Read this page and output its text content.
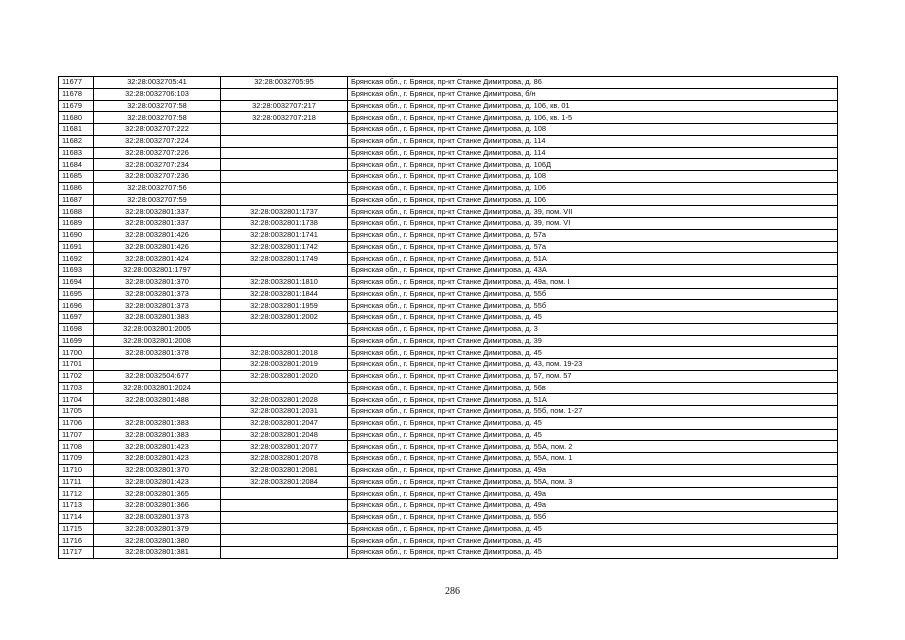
11677	32:28:0032705:41	32:28:0032705:95	Брянская обл., г. Брянск, пр-кт Станке Димитрова, д. 86
11678	32:28:0032706:103		Брянская обл., г. Брянск, пр-кт Станке Димитрова, б/н
11679	32:28:0032707:58	32:28:0032707:217	Брянская обл., г. Брянск, пр-кт Станке Димитрова, д. 106, кв. 01
11680	32:28:0032707:58	32:28:0032707:218	Брянская обл., г. Брянск, пр-кт Станке Димитрова, д. 106, кв. 1-5
11681	32:28:0032707:222		Брянская обл., г. Брянск, пр-кт Станке Димитрова, д. 108
11682	32:28:0032707:224		Брянская обл., г. Брянск, пр-кт Станке Димитрова, д. 114
11683	32:28:0032707:226		Брянская обл., г. Брянск, пр-кт Станке Димитрова, д. 114
11684	32:28:0032707:234		Брянская обл., г. Брянск, пр-кт Станке Димитрова, д. 106Д
11685	32:28:0032707:236		Брянская обл., г. Брянск, пр-кт Станке Димитрова, д. 108
11686	32:28:0032707:56		Брянская обл., г. Брянск, пр-кт Станке Димитрова, д. 106
11687	32:28:0032707:59		Брянская обл., г. Брянск, пр-кт Станке Димитрова, д. 106
11688	32:28:0032801:337	32:28:0032801:1737	Брянская обл., г. Брянск, пр-кт Станке Димитрова, д. 39, пом. VII
11689	32:28:0032801:337	32:28:0032801:1738	Брянская обл., г. Брянск, пр-кт Станке Димитрова, д. 39, пом. VI
11690	32:28:0032801:426	32:28:0032801:1741	Брянская обл., г. Брянск, пр-кт Станке Димитрова, д. 57а
11691	32:28:0032801:426	32:28:0032801:1742	Брянская обл., г. Брянск, пр-кт Станке Димитрова, д. 57а
11692	32:28:0032801:424	32:28:0032801:1749	Брянская обл., г. Брянск, пр-кт Станке Димитрова, д. 51А
11693	32:28:0032801:1797		Брянская обл., г. Брянск, пр-кт Станке Димитрова, д. 43А
11694	32:28:0032801:370	32:28:0032801:1810	Брянская обл., г. Брянск, пр-кт Станке Димитрова, д. 49а, пом. I
11695	32:28:0032801:373	32:28:0032801:1844	Брянская обл., г. Брянск, пр-кт Станке Димитрова, д. 55б
11696	32:28:0032801:373	32:28:0032801:1959	Брянская обл., г. Брянск, пр-кт Станке Димитрова, д. 55б
11697	32:28:0032801:383	32:28:0032801:2002	Брянская обл., г. Брянск, пр-кт Станке Димитрова, д. 45
11698	32:28:0032801:2005		Брянская обл., г. Брянск, пр-кт Станке Димитрова, д. 3
11699	32:28:0032801:2008		Брянская обл., г. Брянск, пр-кт Станке Димитрова, д. 39
11700	32:28:0032801:378	32:28:0032801:2018	Брянская обл., г. Брянск, пр-кт Станке Димитрова, д. 45
11701		32:28:0032801:2019	Брянская обл., г. Брянск, пр-кт Станке Димитрова, д. 43, пом. 19-23
11702	32:28:0032504:677	32:28:0032801:2020	Брянская обл., г. Брянск, пр-кт Станке Димитрова, д. 57, пом. 57
11703	32:28:0032801:2024		Брянская обл., г. Брянск, пр-кт Станке Димитрова, д. 56в
11704	32:28:0032801:488	32:28:0032801:2028	Брянская обл., г. Брянск, пр-кт Станке Димитрова, д. 51А
11705		32:28:0032801:2031	Брянская обл., г. Брянск, пр-кт Станке Димитрова, д. 55б, пом. 1-27
11706	32:28:0032801:383	32:28:0032801:2047	Брянская обл., г. Брянск, пр-кт Станке Димитрова, д. 45
11707	32:28:0032801:383	32:28:0032801:2048	Брянская обл., г. Брянск, пр-кт Станке Димитрова, д. 45
11708	32:28:0032801:423	32:28:0032801:2077	Брянская обл., г. Брянск, пр-кт Станке Димитрова, д. 55А, пом. 2
11709	32:28:0032801:423	32:28:0032801:2078	Брянская обл., г. Брянск, пр-кт Станке Димитрова, д. 55А, пом. 1
11710	32:28:0032801:370	32:28:0032801:2081	Брянская обл., г. Брянск, пр-кт Станке Димитрова, д. 49а
11711	32:28:0032801:423	32:28:0032801:2084	Брянская обл., г. Брянск, пр-кт Станке Димитрова, д. 55А, пом. 3
11712	32:28:0032801:365		Брянская обл., г. Брянск, пр-кт Станке Димитрова, д. 49а
11713	32:28:0032801:366		Брянская обл., г. Брянск, пр-кт Станке Димитрова, д. 49а
11714	32:28:0032801:373		Брянская обл., г. Брянск, пр-кт Станке Димитрова, д. 55б
11715	32:28:0032801:379		Брянская обл., г. Брянск, пр-кт Станке Димитрова, д. 45
11716	32:28:0032801:380		Брянская обл., г. Брянск, пр-кт Станке Димитрова, д. 45
11717	32:28:0032801:381		Брянская обл., г. Брянск, пр-кт Станке Димитрова, д. 45
286
